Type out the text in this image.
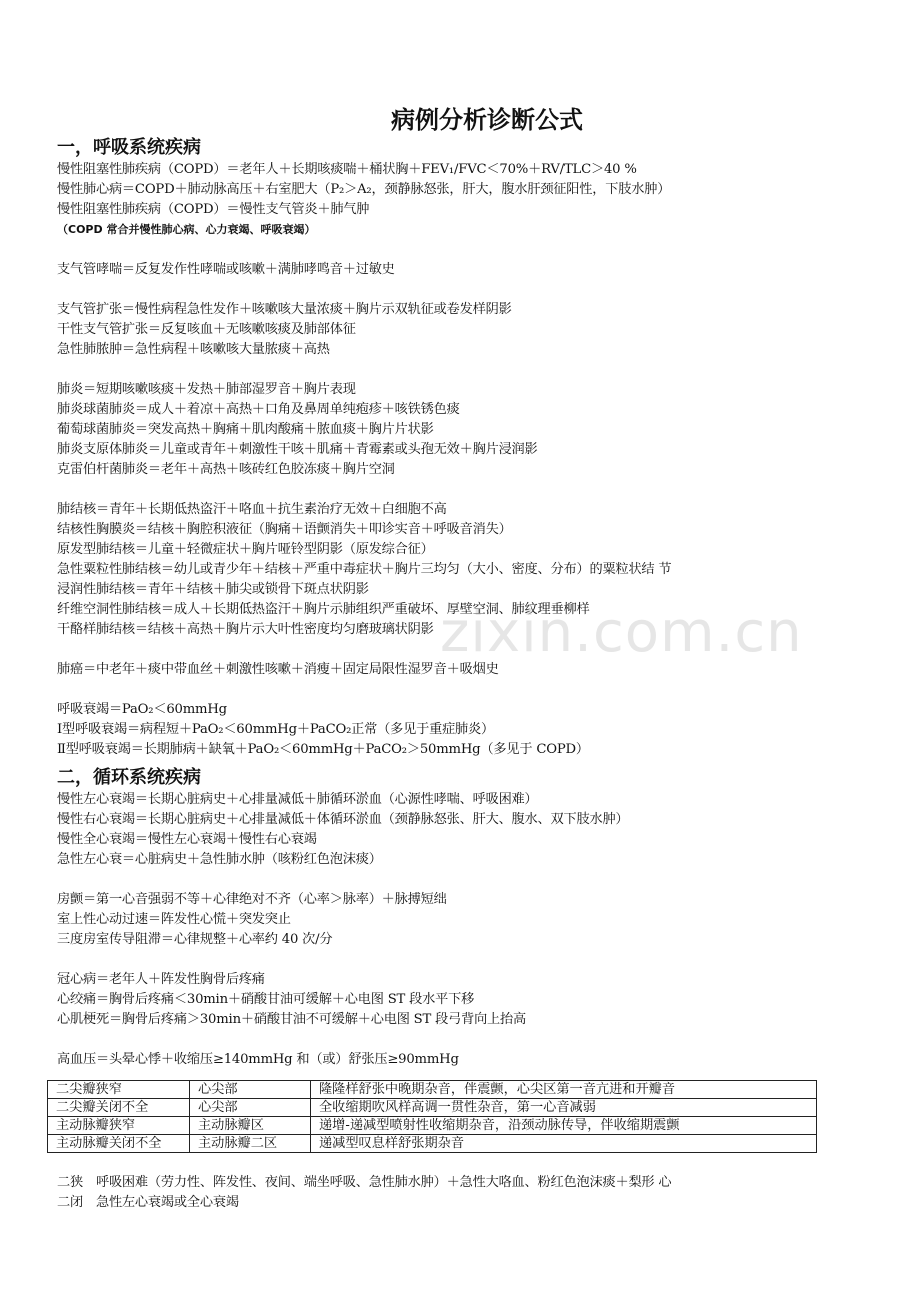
zixin.com.cn
病例分析诊断公式
一，呼吸系统疾病
慢性阻塞性肺疾病（COPD）＝老年人＋长期咳痰喘＋桶状胸＋FEV₁/FVC＜70%＋RV/TLC＞40 %
慢性肺心病＝COPD＋肺动脉高压＋右室肥大（P₂＞A₂，颈静脉怒张，肝大，腹水肝颈征阳性，下肢水肿）
慢性阻塞性肺疾病（COPD）＝慢性支气管炎＋肺气肿
（COPD 常合并慢性肺心病、心力衰竭、呼吸衰竭）
支气管哮喘＝反复发作性哮喘或咳嗽＋满肺哮鸣音＋过敏史
支气管扩张＝慢性病程急性发作＋咳嗽咳大量浓痰＋胸片示双轨征或卷发样阴影
干性支气管扩张＝反复咳血＋无咳嗽咳痰及肺部体征
急性肺脓肿＝急性病程＋咳嗽咳大量脓痰＋高热
肺炎＝短期咳嗽咳痰＋发热＋肺部湿罗音＋胸片表现
肺炎球菌肺炎＝成人＋着凉＋高热＋口角及鼻周单纯疱疹＋咳铁锈色痰
葡萄球菌肺炎＝突发高热＋胸痛＋肌肉酸痛＋脓血痰＋胸片片状影
肺炎支原体肺炎＝儿童或青年＋刺激性干咳＋肌痛＋青霉素或头孢无效＋胸片浸润影
克雷伯杆菌肺炎＝老年＋高热＋咳砖红色胶冻痰＋胸片空洞
肺结核＝青年＋长期低热盗汗＋咯血＋抗生素治疗无效＋白细胞不高
结核性胸膜炎＝结核＋胸腔积液征（胸痛＋语颤消失＋叩诊实音＋呼吸音消失）
原发型肺结核＝儿童＋轻微症状＋胸片哑铃型阴影（原发综合征）
急性粟粒性肺结核＝幼儿或青少年＋结核＋严重中毒症状＋胸片三均匀（大小、密度、分布）的粟粒状结 节
浸润性肺结核＝青年＋结核＋肺尖或锁骨下斑点状阴影
纤维空洞性肺结核＝成人＋长期低热盗汗＋胸片示肺组织严重破坏、厚壁空洞、肺纹理垂柳样
干酪样肺结核＝结核＋高热＋胸片示大叶性密度均匀磨玻璃状阴影
肺癌＝中老年＋痰中带血丝＋刺激性咳嗽＋消瘦＋固定局限性湿罗音＋吸烟史
呼吸衰竭＝PaO₂＜60mmHg
Ⅰ型呼吸衰竭＝病程短＋PaO₂＜60mmHg＋PaCO₂正常（多见于重症肺炎）
Ⅱ型呼吸衰竭＝长期肺病＋缺氧＋PaO₂＜60mmHg＋PaCO₂＞50mmHg（多见于 COPD）
二，循环系统疾病
慢性左心衰竭＝长期心脏病史＋心排量减低＋肺循环淤血（心源性哮喘、呼吸困难）
慢性右心衰竭＝长期心脏病史＋心排量减低＋体循环淤血（颈静脉怒张、肝大、腹水、双下肢水肿）
慢性全心衰竭＝慢性左心衰竭＋慢性右心衰竭
急性左心衰＝心脏病史＋急性肺水肿（咳粉红色泡沫痰）
房颤＝第一心音强弱不等＋心律绝对不齐（心率＞脉率）＋脉搏短绌
室上性心动过速＝阵发性心慌＋突发突止
三度房室传导阻滞＝心律规整＋心率约 40 次/分
冠心病＝老年人＋阵发性胸骨后疼痛
心绞痛＝胸骨后疼痛＜30min＋硝酸甘油可缓解＋心电图 ST 段水平下移
心肌梗死＝胸骨后疼痛＞30min＋硝酸甘油不可缓解＋心电图 ST 段弓背向上抬高
高血压＝头晕心悸＋收缩压≥140mmHg 和（或）舒张压≥90mmHg
二尖瓣狭窄	心尖部	隆隆样舒张中晚期杂音，伴震颤，心尖区第一音亢进和开瓣音
二尖瓣关闭不全	心尖部	全收缩期吹风样高调一贯性杂音，第一心音减弱
主动脉瓣狭窄	主动脉瓣区	递增-递减型喷射性收缩期杂音，沿颈动脉传导，伴收缩期震颤
主动脉瓣关闭不全	主动脉瓣二区	递减型叹息样舒张期杂音
二狭　呼吸困难（劳力性、阵发性、夜间、端坐呼吸、急性肺水肿）＋急性大咯血、粉红色泡沫痰＋梨形 心
二闭　急性左心衰竭或全心衰竭
